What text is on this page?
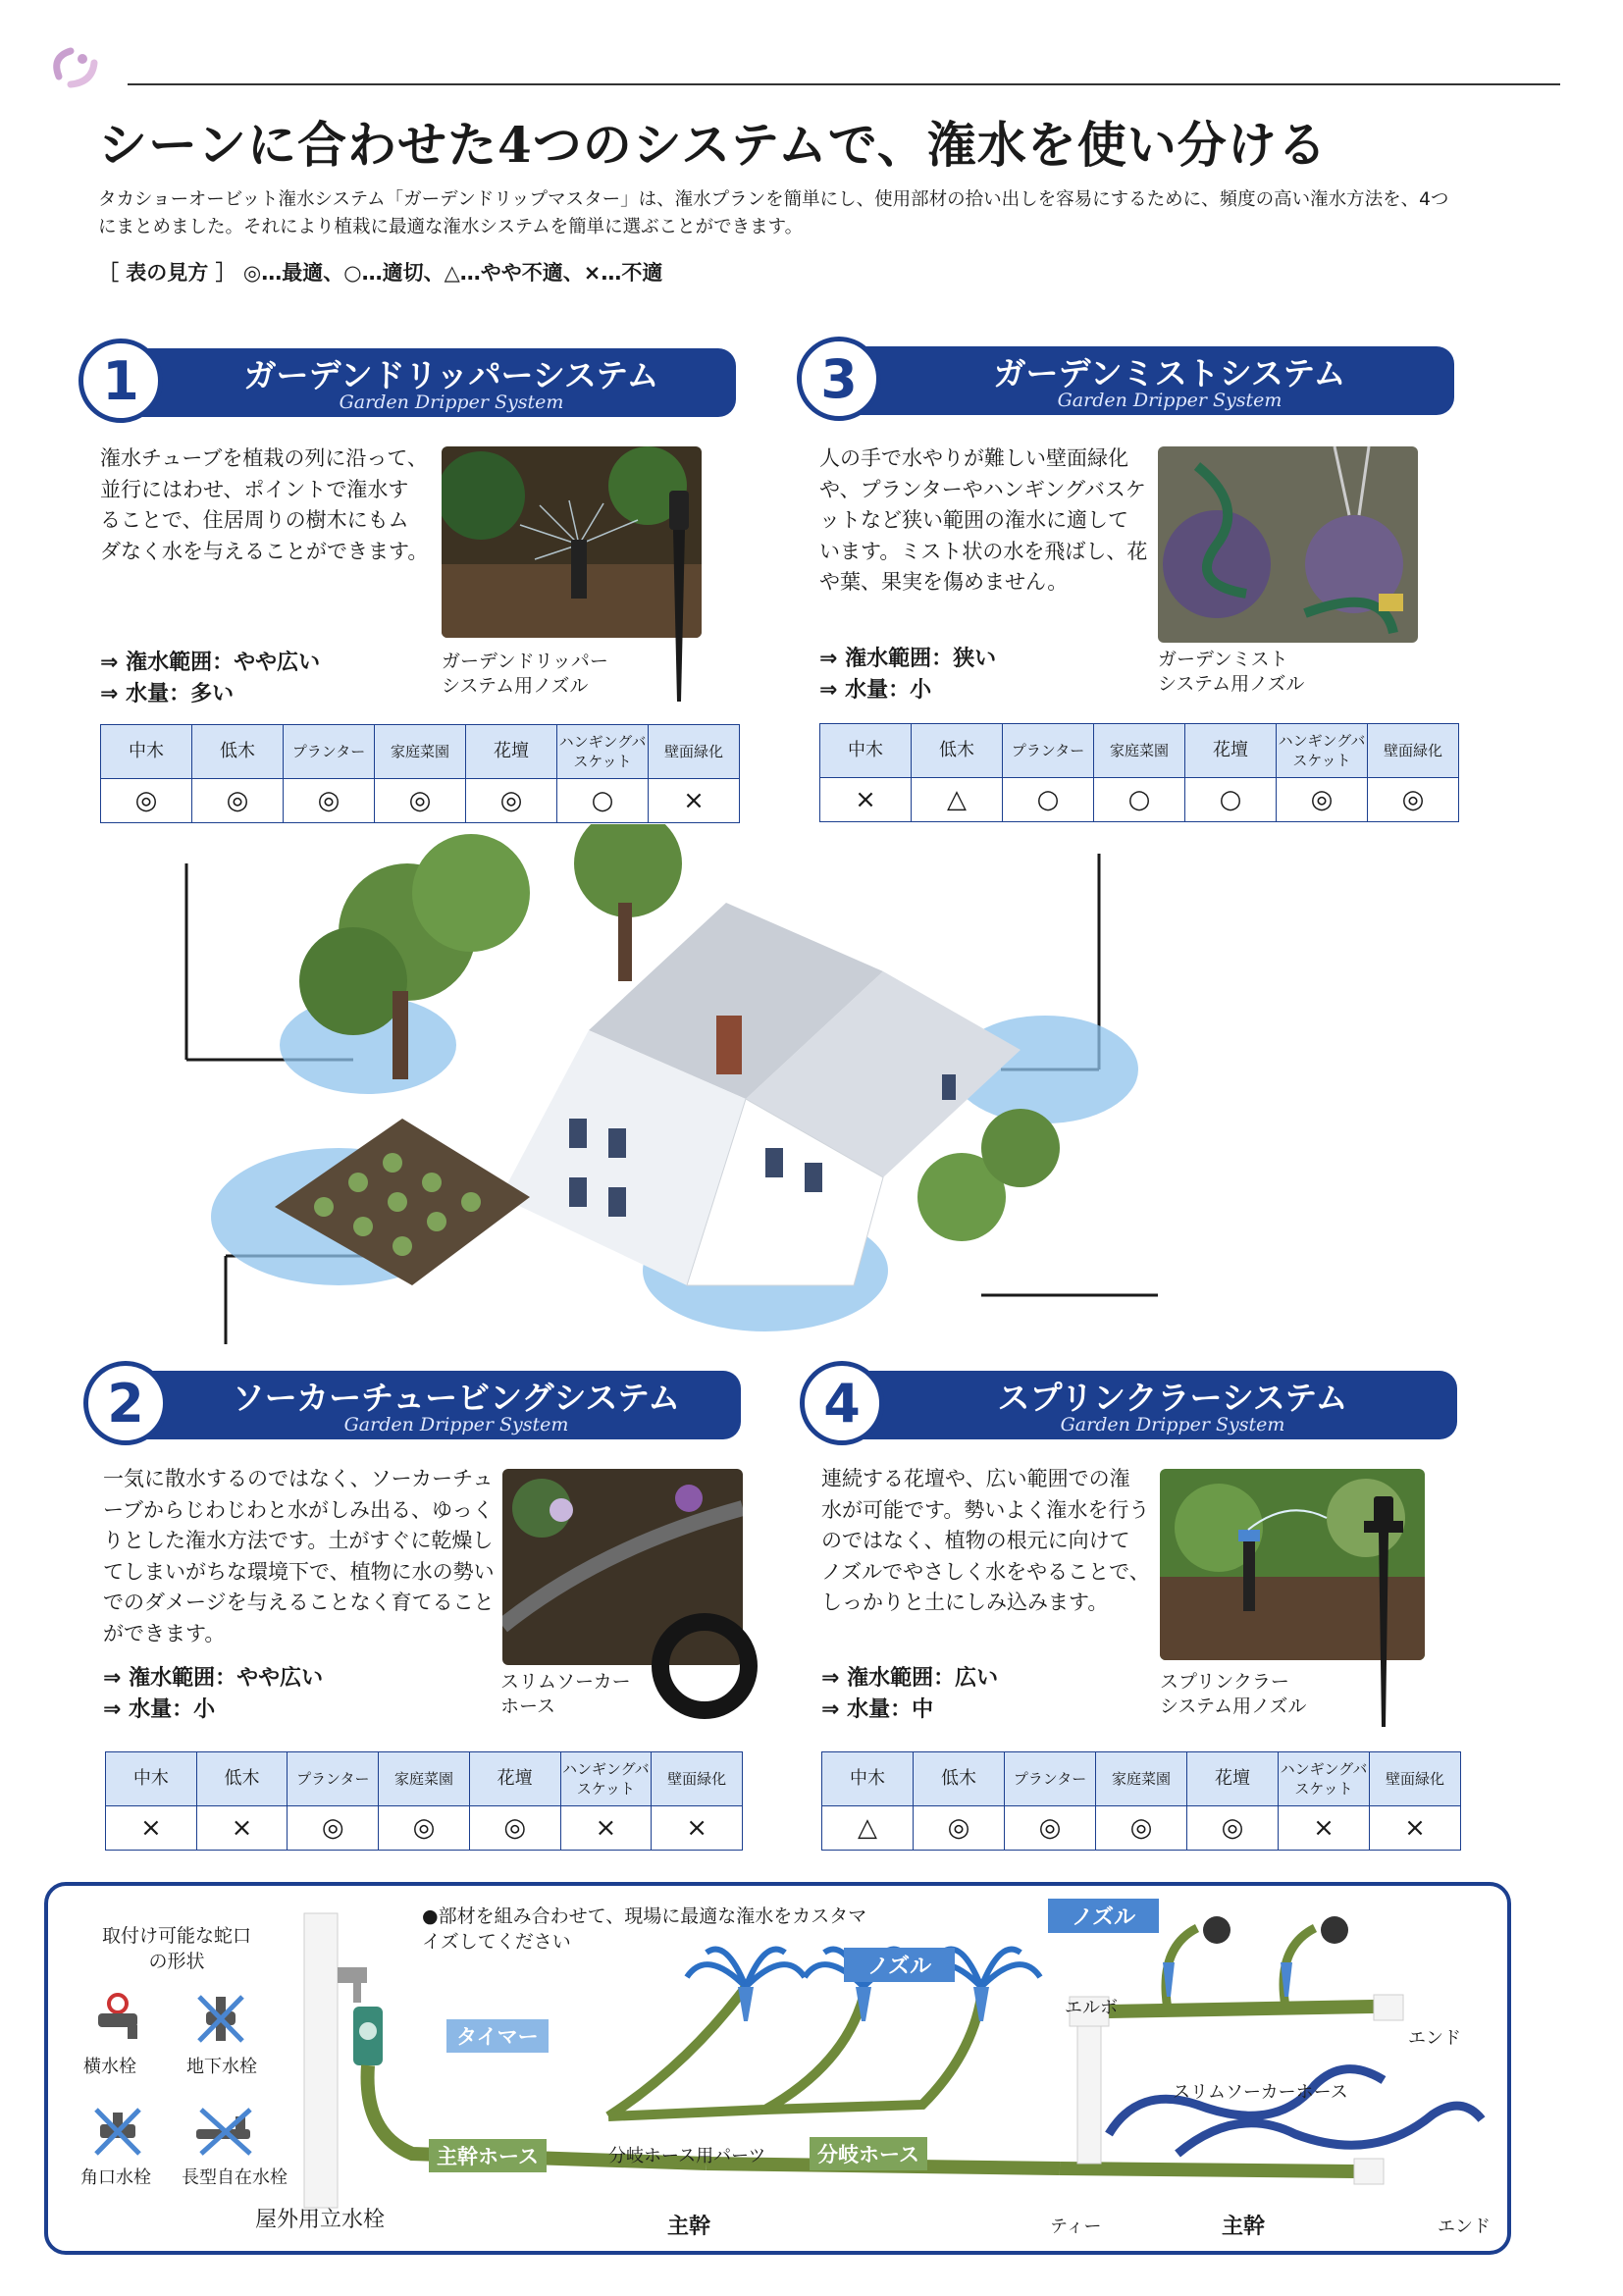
シーンに合わせた4つのシステムで、潅水を使い分ける
タカショーオービット潅水システム「ガーデンドリップマスター」は、潅水プランを簡単にし、使用部材の拾い出しを容易にするために、頻度の高い潅水方法を、4つにまとめました。それにより植栽に最適な潅水システムを簡単に選ぶことができます。
［ 表の見方 ］ ◎…最適、○…適切、△…やや不適、×…不適
1	ガーデンドリッパーシステム
Garden Dripper System
潅水チューブを植栽の列に沿って、並行にはわせ、ポイントで潅水することで、住居周りの樹木にもムダなく水を与えることができます。
⇒ 潅水範囲：やや広い
⇒ 水量：多い
ガーデンドリッパー
システム用ノズル
中木	低木	プランター	家庭菜園	花壇	ハンギングバスケット	壁面緑化
◎	◎	◎	◎	◎	○	×
3	ガーデンミストシステム
Garden Dripper System
人の手で水やりが難しい壁面緑化や、プランターやハンギングバスケットなど狭い範囲の潅水に適しています。ミスト状の水を飛ばし、花や葉、果実を傷めません。
⇒ 潅水範囲：狭い
⇒ 水量：小
ガーデンミスト
システム用ノズル
中木	低木	プランター	家庭菜園	花壇	ハンギングバスケット	壁面緑化
×	△	○	○	○	◎	◎
2	ソーカーチュービングシステム
Garden Dripper System
一気に散水するのではなく、ソーカーチューブからじわじわと水がしみ出る、ゆっくりとした潅水方法です。土がすぐに乾燥してしまいがちな環境下で、植物に水の勢いでのダメージを与えることなく育てることができます。
⇒ 潅水範囲：やや広い
⇒ 水量：小
スリムソーカー
ホース
中木	低木	プランター	家庭菜園	花壇	ハンギングバスケット	壁面緑化
×	×	◎	◎	◎	×	×
4	スプリンクラーシステム
Garden Dripper System
連続する花壇や、広い範囲での潅水が可能です。勢いよく潅水を行うのではなく、植物の根元に向けてノズルでやさしく水をやることで、しっかりと土にしみ込みます。
⇒ 潅水範囲：広い
⇒ 水量：中
スプリンクラー
システム用ノズル
中木	低木	プランター	家庭菜園	花壇	ハンギングバスケット	壁面緑化
△	◎	◎	◎	◎	×	×
取付け可能な蛇口の形状
横水栓	地下水栓
角口水栓 長型自在水栓
●部材を組み合わせて、現場に最適な潅水をカスタマイズしてください
屋外用立水栓
タイマー
主幹ホース	分岐ホース用パーツ	分岐ホース
主幹
ノズル
ノズル
エルボ
エンド
スリムソーカーホース
ティー	主幹	エンド
